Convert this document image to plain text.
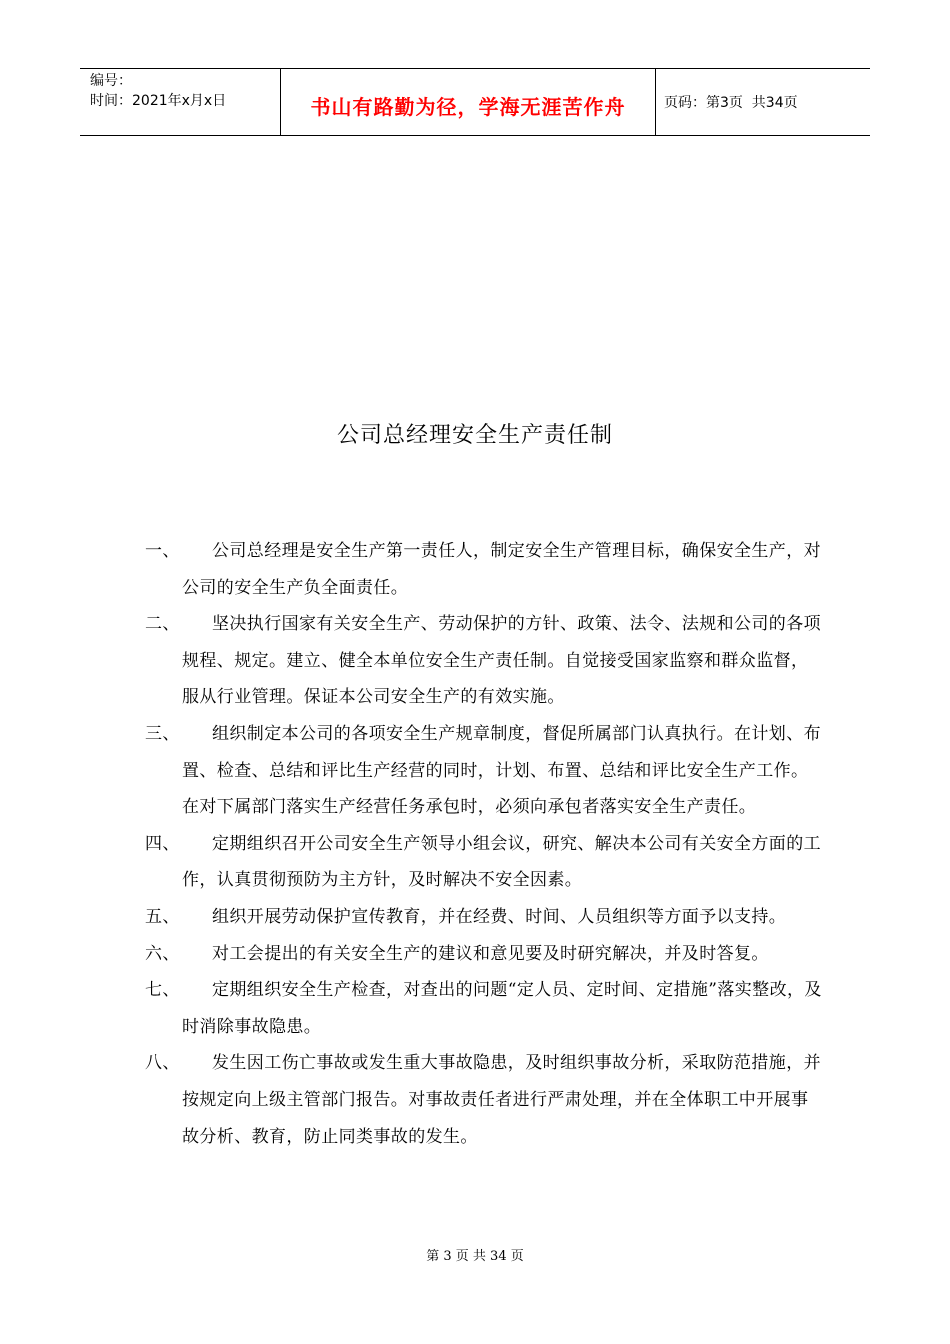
编号：
时间：2021年x月x日	书山有路勤为径，学海无涯苦作舟	页码：第3页  共34页
公司总经理安全生产责任制
一、	公司总经理是安全生产第一责任人，制定安全生产管理目标，确保安全生产，对公司的安全生产负全面责任。
二、	坚决执行国家有关安全生产、劳动保护的方针、政策、法令、法规和公司的各项规程、规定。建立、健全本单位安全生产责任制。自觉接受国家监察和群众监督，服从行业管理。保证本公司安全生产的有效实施。
三、	组织制定本公司的各项安全生产规章制度，督促所属部门认真执行。在计划、布置、检查、总结和评比生产经营的同时，计划、布置、总结和评比安全生产工作。在对下属部门落实生产经营任务承包时，必须向承包者落实安全生产责任。
四、	定期组织召开公司安全生产领导小组会议，研究、解决本公司有关安全方面的工作，认真贯彻预防为主方针，及时解决不安全因素。
五、	组织开展劳动保护宣传教育，并在经费、时间、人员组织等方面予以支持。
六、	对工会提出的有关安全生产的建议和意见要及时研究解决，并及时答复。
七、	定期组织安全生产检查，对查出的问题“定人员、定时间、定措施”落实整改，及时消除事故隐患。
八、	发生因工伤亡事故或发生重大事故隐患，及时组织事故分析，采取防范措施，并按规定向上级主管部门报告。对事故责任者进行严肃处理，并在全体职工中开展事故分析、教育，防止同类事故的发生。
第 3 页 共 34 页
